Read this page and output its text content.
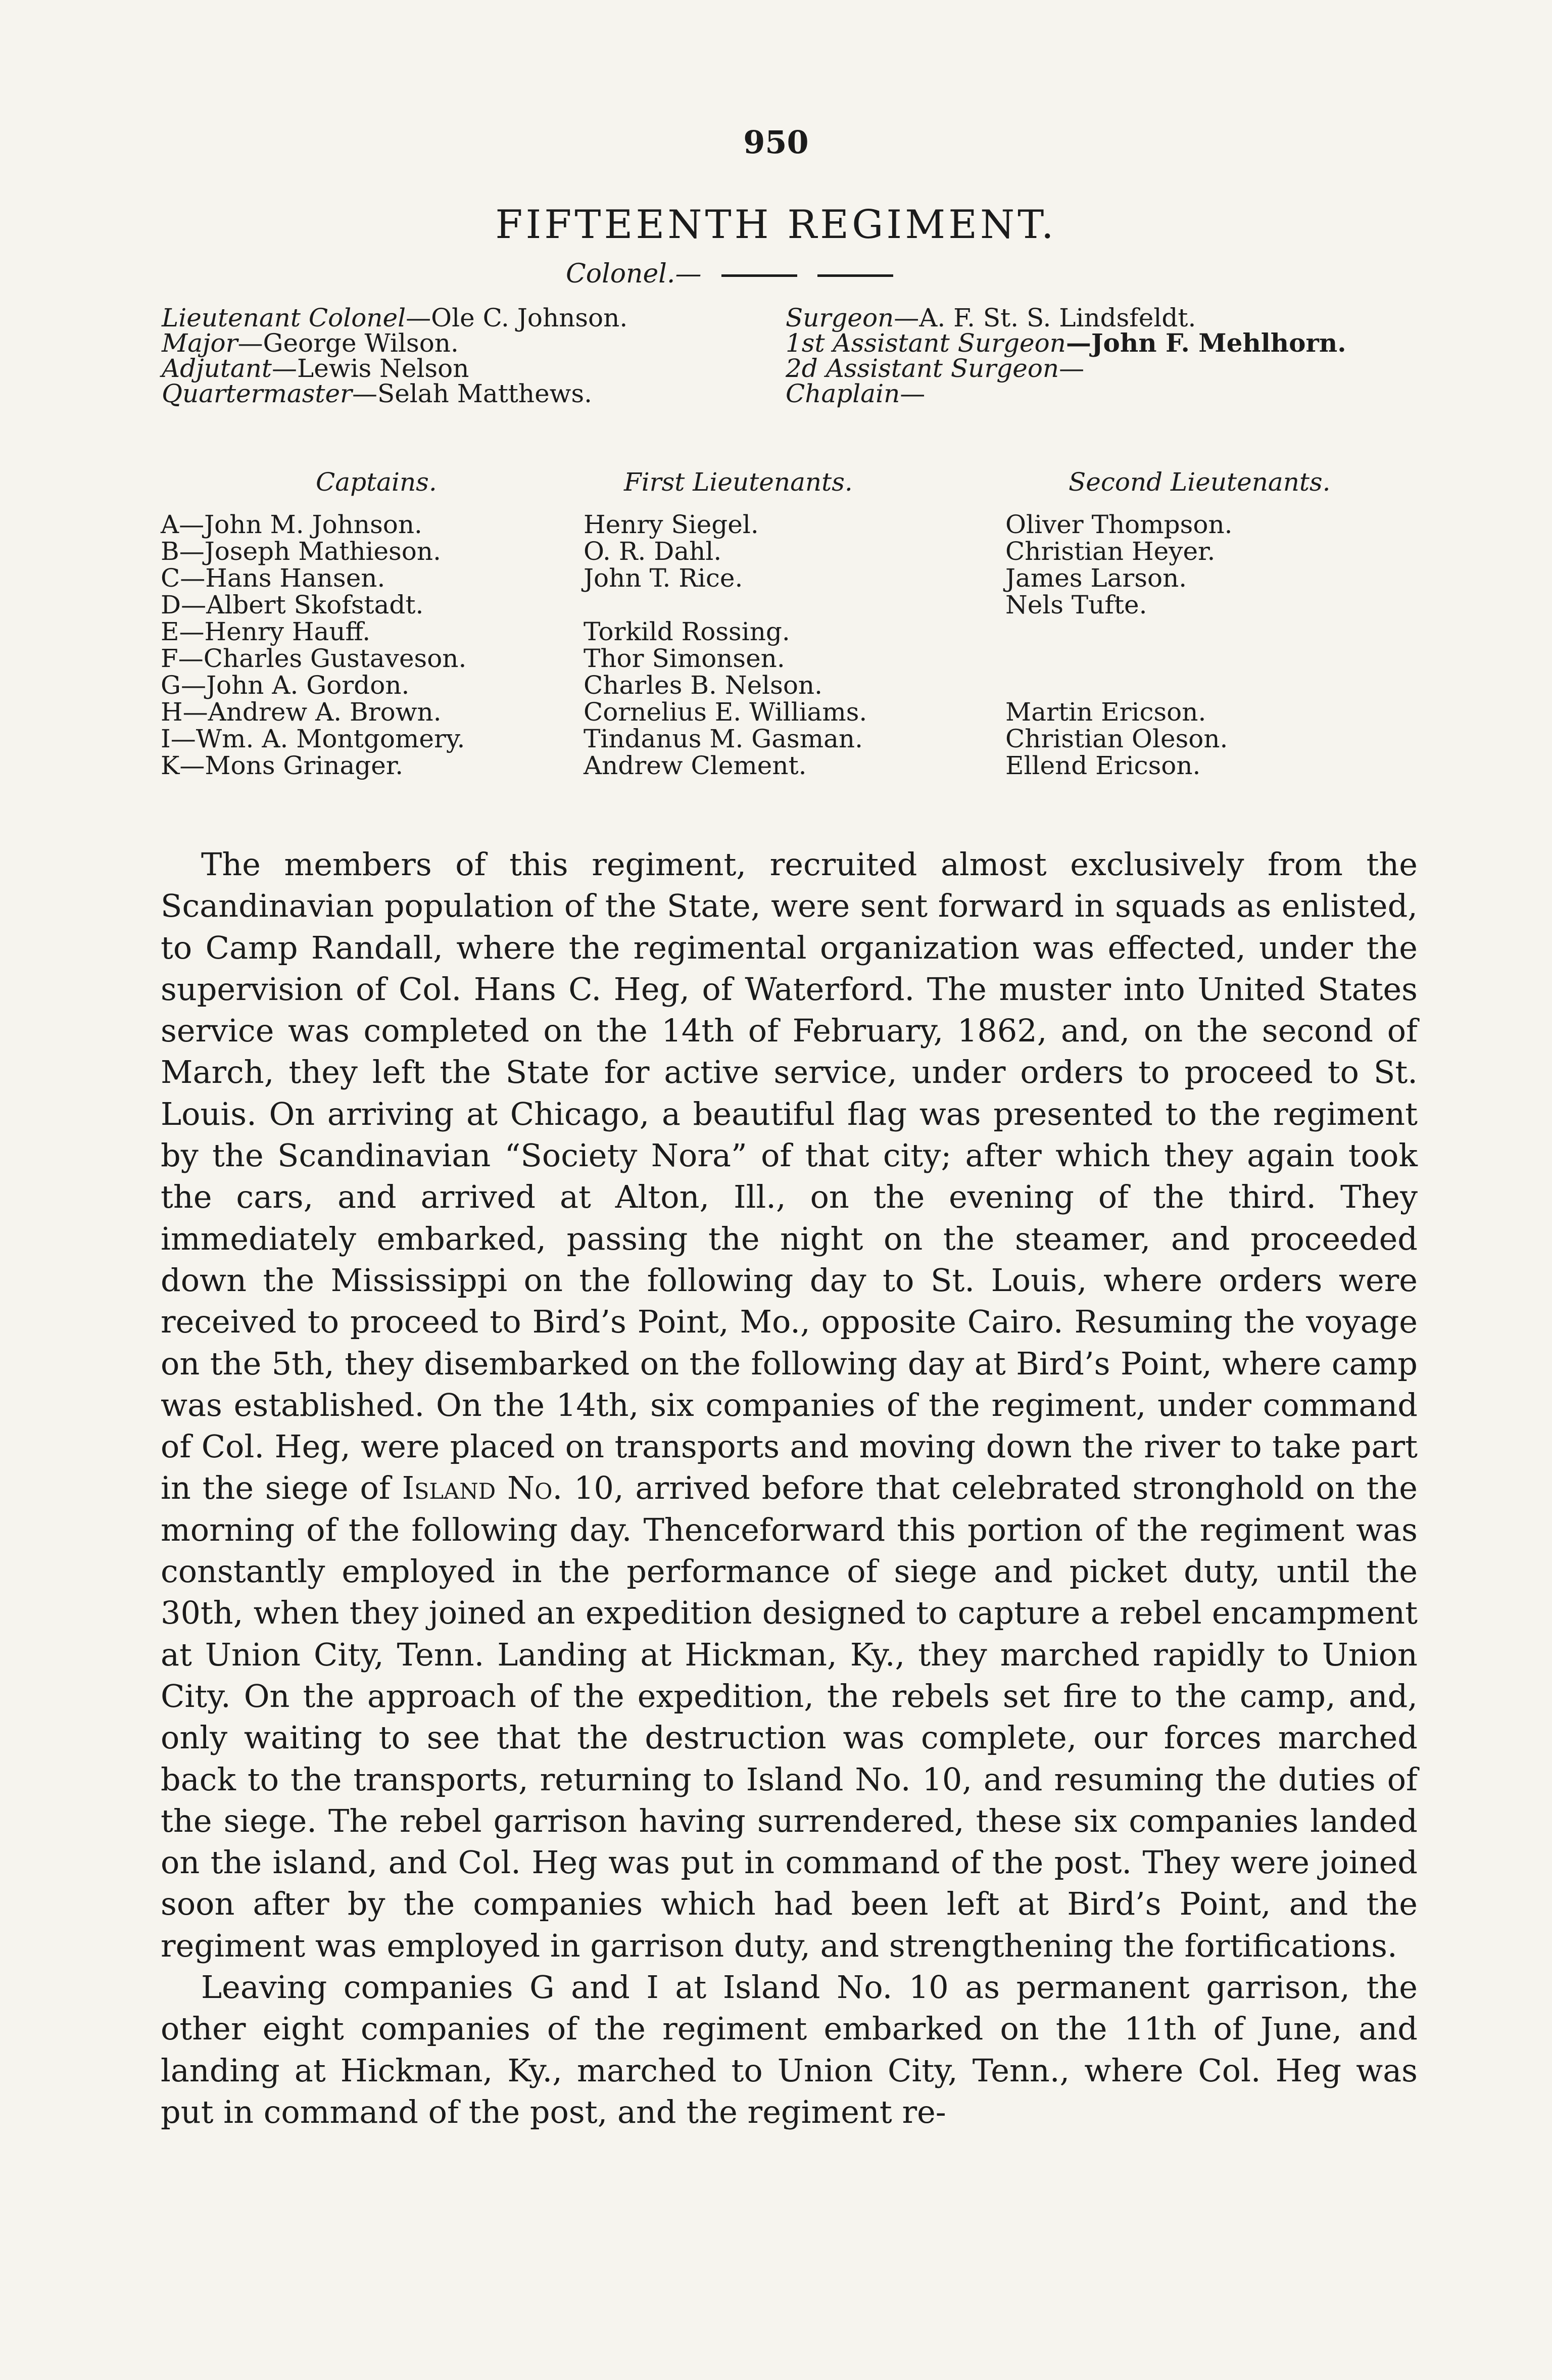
950
FIFTEENTH REGIMENT.
Colonel.—
Lieutenant Colonel—Ole C. Johnson.
Major—George Wilson.
Adjutant—Lewis Nelson
Quartermaster—Selah Matthews.
Surgeon—A. F. St. S. Lindsfeldt.
1st Assistant Surgeon—John F. Mehlhorn.
2d Assistant Surgeon—
Chaplain—
Captains.	First Lieutenants.	Second Lieutenants.
A—John M. Johnson.
B—Joseph Mathieson.
C—Hans Hansen.
D—Albert Skofstadt.
E—Henry Hauff.
F—Charles Gustaveson.
G—John A. Gordon.
H—Andrew A. Brown.
I—Wm. A. Montgomery.
K—Mons Grinager.
Henry Siegel.
O. R. Dahl.
John T. Rice.
Torkild Rossing.
Thor Simonsen.
Charles B. Nelson.
Cornelius E. Williams.
Tindanus M. Gasman.
Andrew Clement.
Oliver Thompson.
Christian Heyer.
James Larson.
Nels Tufte.
Martin Ericson.
Christian Oleson.
Ellend Ericson.

The members of this regiment, recruited almost exclusively from the Scandinavian population of the State, were sent forward in squads as enlisted, to Camp Randall, where the regimental organization was effected, under the supervision of Col. Hans C. Heg, of Waterford. The muster into United States service was completed on the 14th of February, 1862, and, on the second of March, they left the State for active service, under orders to proceed to St. Louis. On arriving at Chicago, a beautiful flag was presented to the regiment by the Scandinavian “Society Nora” of that city; after which they again took the cars, and arrived at Alton, Ill., on the evening of the third. They immediately embarked, passing the night on the steamer, and proceeded down the Mississippi on the following day to St. Louis, where orders were received to proceed to Bird’s Point, Mo., opposite Cairo. Resuming the voyage on the 5th, they disembarked on the following day at Bird’s Point, where camp was established. On the 14th, six companies of the regiment, under command of Col. Heg, were placed on transports and moving down the river to take part in the siege of Island No. 10, arrived before that celebrated stronghold on the morning of the following day. Thenceforward this portion of the regiment was constantly employed in the performance of siege and picket duty, until the 30th, when they joined an expedition designed to capture a rebel encampment at Union City, Tenn. Landing at Hickman, Ky., they marched rapidly to Union City. On the approach of the expedition, the rebels set fire to the camp, and, only waiting to see that the destruction was complete, our forces marched back to the transports, returning to Island No. 10, and resuming the duties of the siege. The rebel garrison having surrendered, these six companies landed on the island, and Col. Heg was put in command of the post. They were joined soon after by the companies which had been left at Bird’s Point, and the regiment was employed in garrison duty, and strengthening the fortifications.

Leaving companies G and I at Island No. 10 as permanent garrison, the other eight companies of the regiment embarked on the 11th of June, and landing at Hickman, Ky., marched to Union City, Tenn., where Col. Heg was put in command of the post, and the regiment re-
